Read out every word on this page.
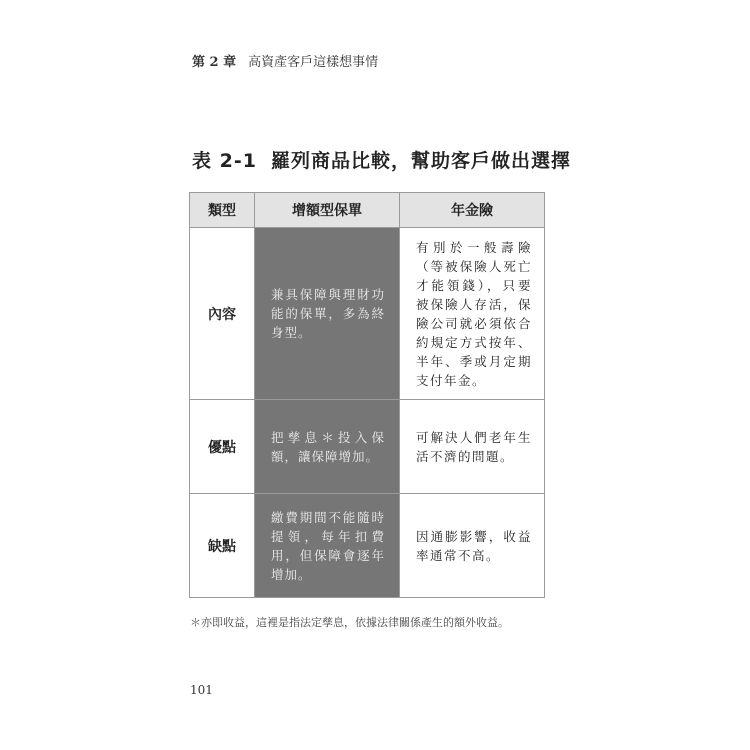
第 2 章 高資產客戶這樣想事情
表 2-1 羅列商品比較，幫助客戶做出選擇
類型	增額型保單	年金險
內容	兼具保障與理財功能的保單，多為終身型。	有別於一般壽險（等被保險人死亡才能領錢），只要被保險人存活，保險公司就必須依合約規定方式按年、半年、季或月定期支付年金。

優點	把孳息＊投入保額，讓保障增加。	可解決人們老年生活不濟的問題。

缺點	繳費期間不能隨時提領，每年扣費用，但保障會逐年增加。	因通膨影響，收益率通常不高。
＊亦即收益，這裡是指法定孳息，依據法律關係產生的額外收益。
101
